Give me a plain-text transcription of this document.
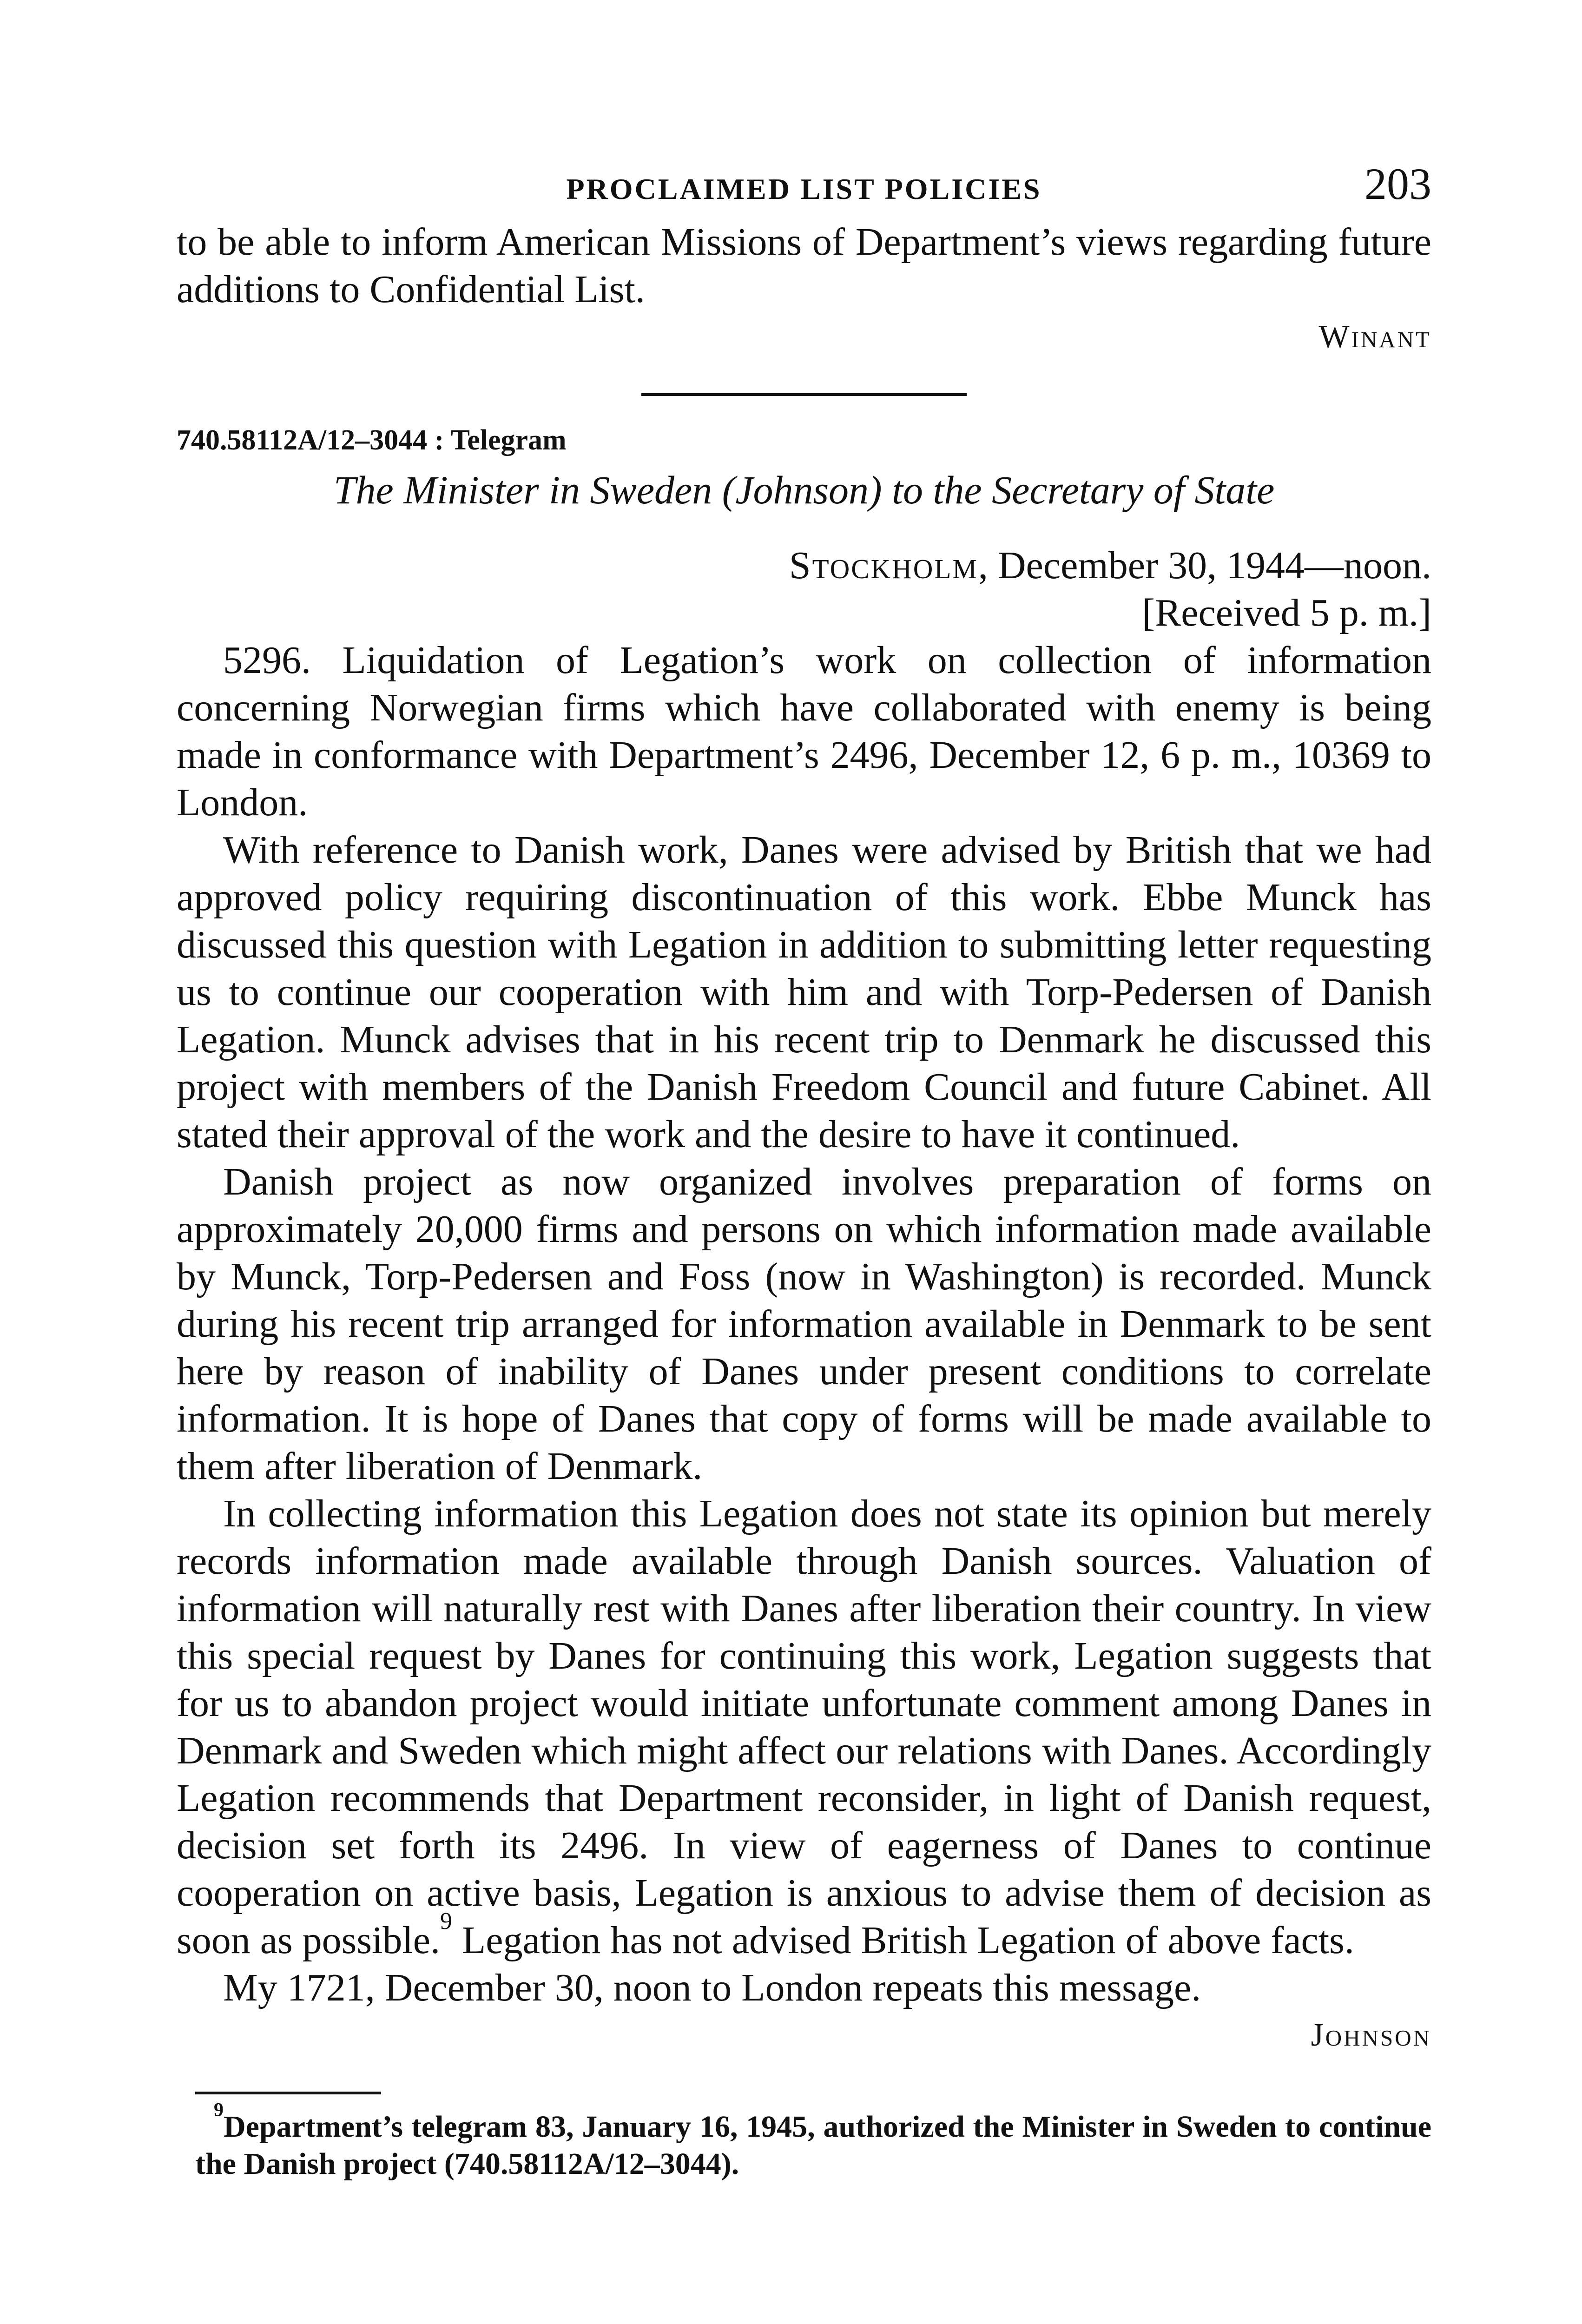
PROCLAIMED LIST POLICIES	203

to be able to inform American Missions of Department’s views regarding future additions to Confidential List.

Winant
740.58112A/12–3044 : Telegram
The Minister in Sweden (Johnson) to the Secretary of State
Stockholm, December 30, 1944—noon.
[Received 5 p. m.]

5296. Liquidation of Legation’s work on collection of information concerning Norwegian firms which have collaborated with enemy is being made in conformance with Department’s 2496, December 12, 6 p. m., 10369 to London.

With reference to Danish work, Danes were advised by British that we had approved policy requiring discontinuation of this work. Ebbe Munck has discussed this question with Legation in addition to submitting letter requesting us to continue our cooperation with him and with Torp-Pedersen of Danish Legation. Munck advises that in his recent trip to Denmark he discussed this project with members of the Danish Freedom Council and future Cabinet. All stated their approval of the work and the desire to have it continued.

Danish project as now organized involves preparation of forms on approximately 20,000 firms and persons on which information made available by Munck, Torp-Pedersen and Foss (now in Washington) is recorded. Munck during his recent trip arranged for information available in Denmark to be sent here by reason of inability of Danes under present conditions to correlate information. It is hope of Danes that copy of forms will be made available to them after liberation of Denmark.

In collecting information this Legation does not state its opinion but merely records information made available through Danish sources. Valuation of information will naturally rest with Danes after liberation their country. In view this special request by Danes for continuing this work, Legation suggests that for us to abandon project would initiate unfortunate comment among Danes in Denmark and Sweden which might affect our relations with Danes. Accordingly Legation recommends that Department reconsider, in light of Danish request, decision set forth its 2496. In view of eagerness of Danes to continue cooperation on active basis, Legation is anxious to advise them of decision as soon as possible.$^9$ Legation has not advised British Legation of above facts.

My 1721, December 30, noon to London repeats this message.

Johnson
$^9$Department’s telegram 83, January 16, 1945, authorized the Minister in Sweden to continue the Danish project (740.58112A/12–3044).
